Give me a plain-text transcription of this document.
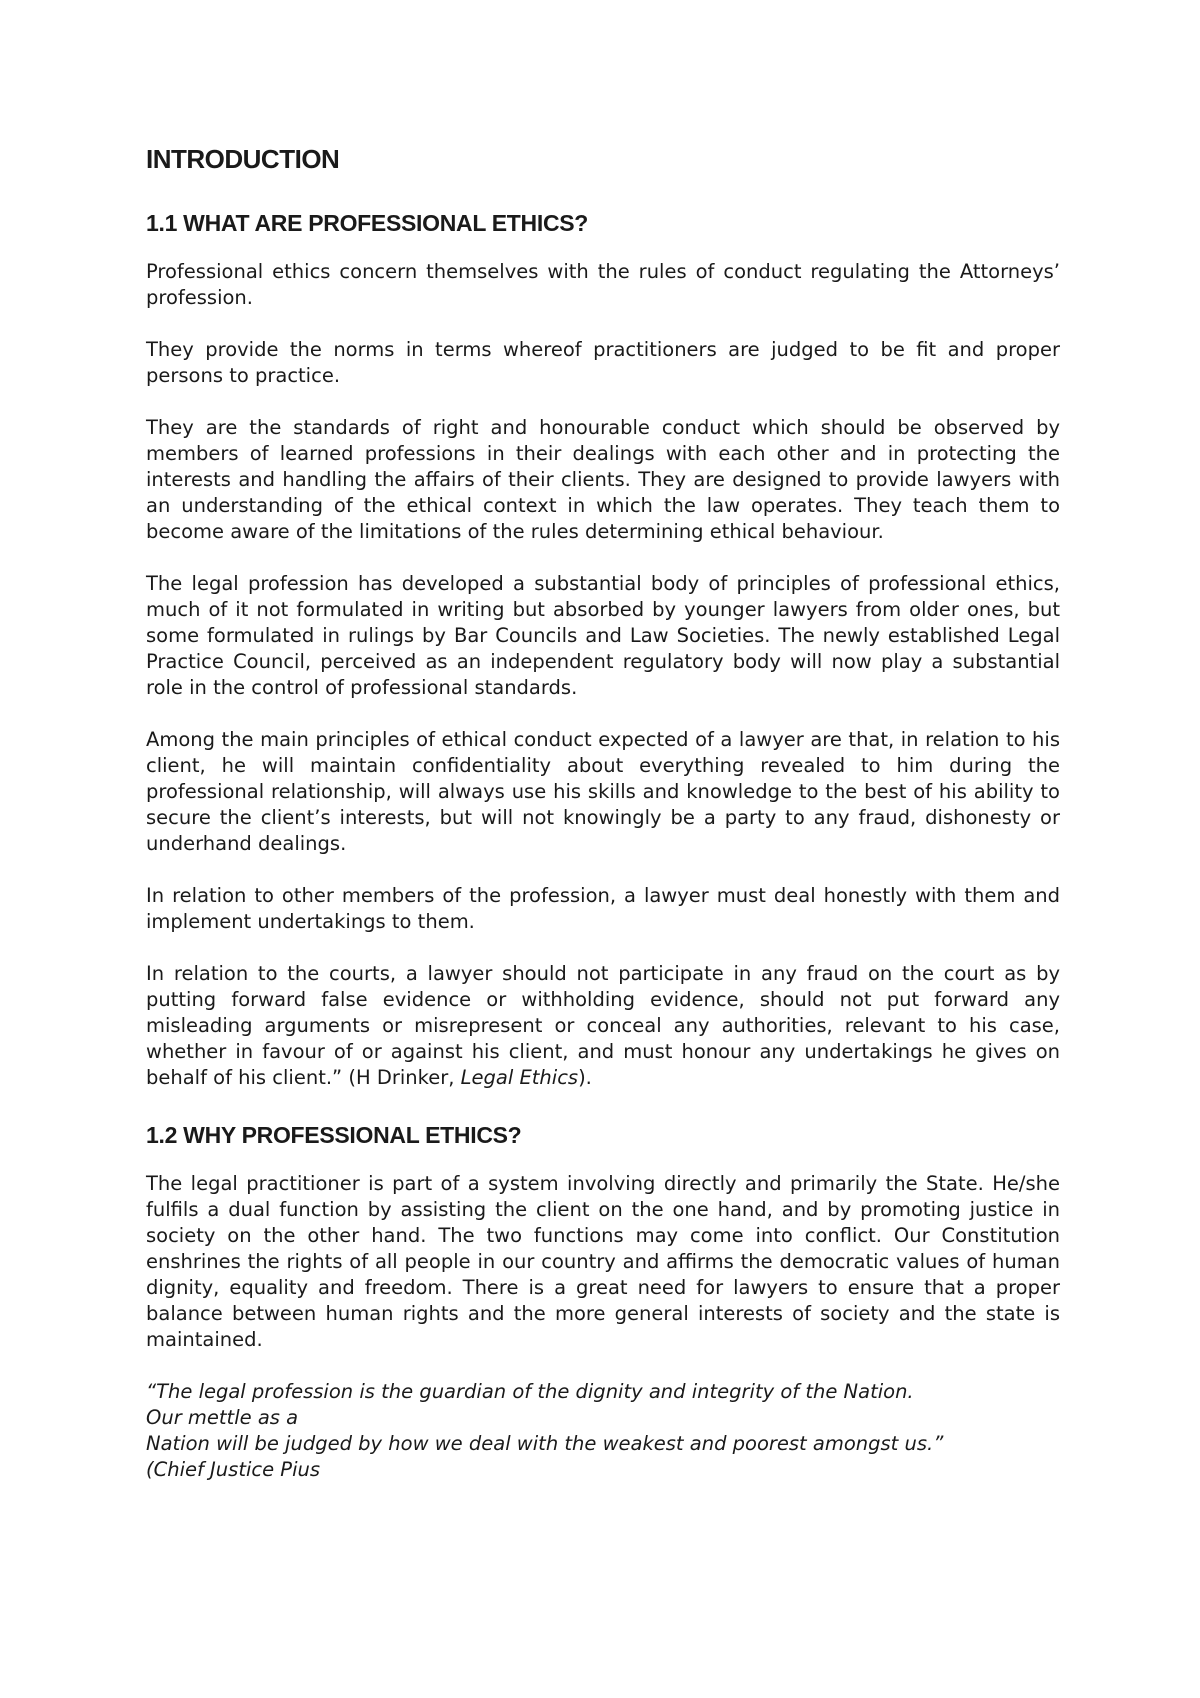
INTRODUCTION
1.1 WHAT ARE PROFESSIONAL ETHICS?

Professional ethics concern themselves with the rules of conduct regulating the Attorneys’ profession.

They provide the norms in terms whereof practitioners are judged to be fit and proper persons to practice.

They are the standards of right and honourable conduct which should be observed by members of learned professions in their dealings with each other and in protecting the interests and handling the affairs of their clients. They are designed to provide lawyers with an understanding of the ethical context in which the law operates. They teach them to become aware of the limitations of the rules determining ethical behaviour.

The legal profession has developed a substantial body of principles of professional ethics, much of it not formulated in writing but absorbed by younger lawyers from older ones, but some formulated in rulings by Bar Councils and Law Societies. The newly established Legal Practice Council, perceived as an independent regulatory body will now play a substantial role in the control of professional standards.

Among the main principles of ethical conduct expected of a lawyer are that, in relation to his client, he will maintain confidentiality about everything revealed to him during the professional relationship, will always use his skills and knowledge to the best of his ability to secure the client’s interests, but will not knowingly be a party to any fraud, dishonesty or underhand dealings.

In relation to other members of the profession, a lawyer must deal honestly with them and implement undertakings to them.

In relation to the courts, a lawyer should not participate in any fraud on the court as by putting forward false evidence or withholding evidence, should not put forward any misleading arguments or misrepresent or conceal any authorities, relevant to his case, whether in favour of or against his client, and must honour any undertakings he gives on behalf of his client.” (H Drinker, Legal Ethics).

1.2 WHY PROFESSIONAL ETHICS?

The legal practitioner is part of a system involving directly and primarily the State. He/she fulfils a dual function by assisting the client on the one hand, and by promoting justice in society on the other hand. The two functions may come into conflict. Our Constitution enshrines the rights of all people in our country and affirms the democratic values of human dignity, equality and freedom. There is a great need for lawyers to ensure that a proper balance between human rights and the more general interests of society and the state is maintained.

“The legal profession is the guardian of the dignity and integrity of the Nation.
Our mettle as a
Nation will be judged by how we deal with the weakest and poorest amongst us.”
(Chief Justice Pius
